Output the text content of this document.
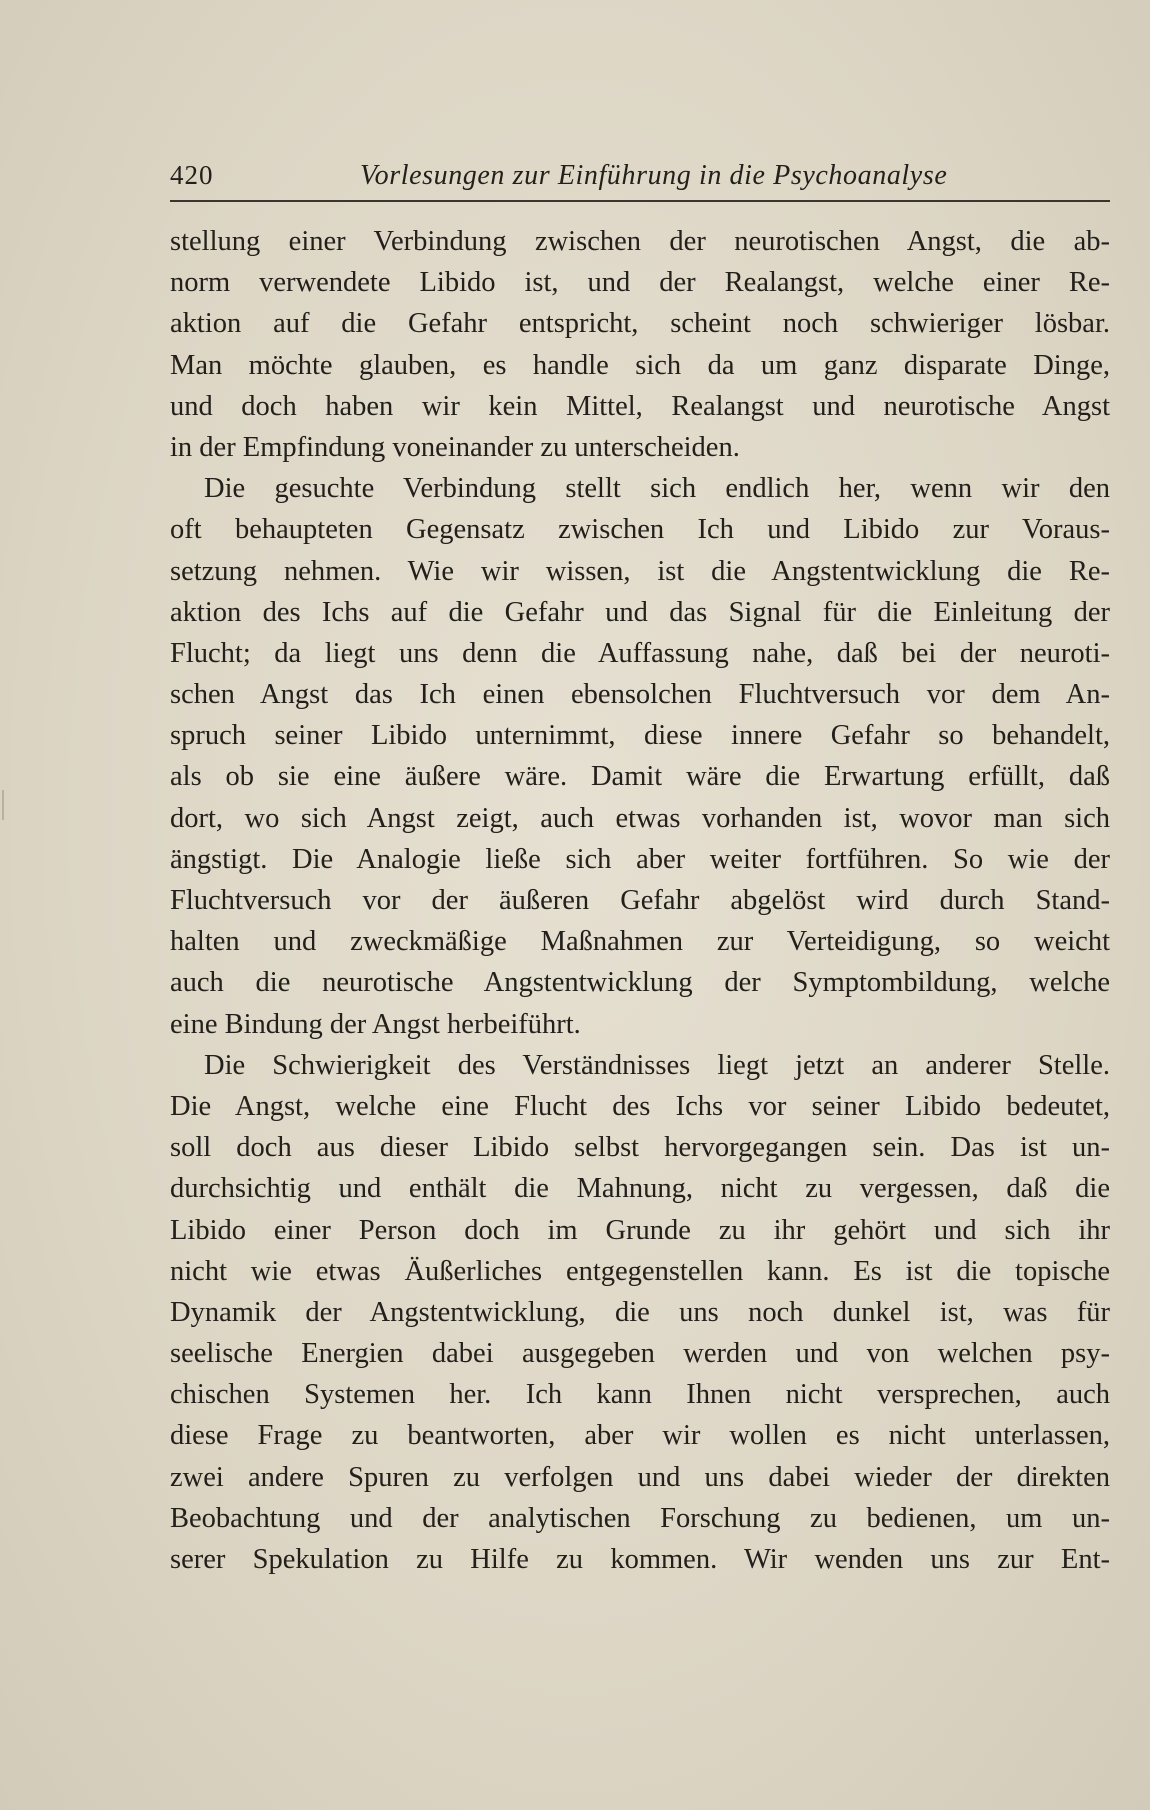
420	Vorlesungen zur Einführung in die Psychoanalyse
stellung einer Verbindung zwischen der neurotischen Angst, die ab-
norm verwendete Libido ist, und der Realangst, welche einer Re-
aktion auf die Gefahr entspricht, scheint noch schwieriger lösbar.
Man möchte glauben, es handle sich da um ganz disparate Dinge,
und doch haben wir kein Mittel, Realangst und neurotische Angst
in der Empfindung voneinander zu unterscheiden.
Die gesuchte Verbindung stellt sich endlich her, wenn wir den
oft behaupteten Gegensatz zwischen Ich und Libido zur Voraus-
setzung nehmen. Wie wir wissen, ist die Angstentwicklung die Re-
aktion des Ichs auf die Gefahr und das Signal für die Einleitung der
Flucht; da liegt uns denn die Auffassung nahe, daß bei der neuroti-
schen Angst das Ich einen ebensolchen Fluchtversuch vor dem An-
spruch seiner Libido unternimmt, diese innere Gefahr so behandelt,
als ob sie eine äußere wäre. Damit wäre die Erwartung erfüllt, daß
dort, wo sich Angst zeigt, auch etwas vorhanden ist, wovor man sich
ängstigt. Die Analogie ließe sich aber weiter fortführen. So wie der
Fluchtversuch vor der äußeren Gefahr abgelöst wird durch Stand-
halten und zweckmäßige Maßnahmen zur Verteidigung, so weicht
auch die neurotische Angstentwicklung der Symptombildung, welche
eine Bindung der Angst herbeiführt.
Die Schwierigkeit des Verständnisses liegt jetzt an anderer Stelle.
Die Angst, welche eine Flucht des Ichs vor seiner Libido bedeutet,
soll doch aus dieser Libido selbst hervorgegangen sein. Das ist un-
durchsichtig und enthält die Mahnung, nicht zu vergessen, daß die
Libido einer Person doch im Grunde zu ihr gehört und sich ihr
nicht wie etwas Äußerliches entgegenstellen kann. Es ist die topische
Dynamik der Angstentwicklung, die uns noch dunkel ist, was für
seelische Energien dabei ausgegeben werden und von welchen psy-
chischen Systemen her. Ich kann Ihnen nicht versprechen, auch
diese Frage zu beantworten, aber wir wollen es nicht unterlassen,
zwei andere Spuren zu verfolgen und uns dabei wieder der direkten
Beobachtung und der analytischen Forschung zu bedienen, um un-
serer Spekulation zu Hilfe zu kommen. Wir wenden uns zur Ent-
